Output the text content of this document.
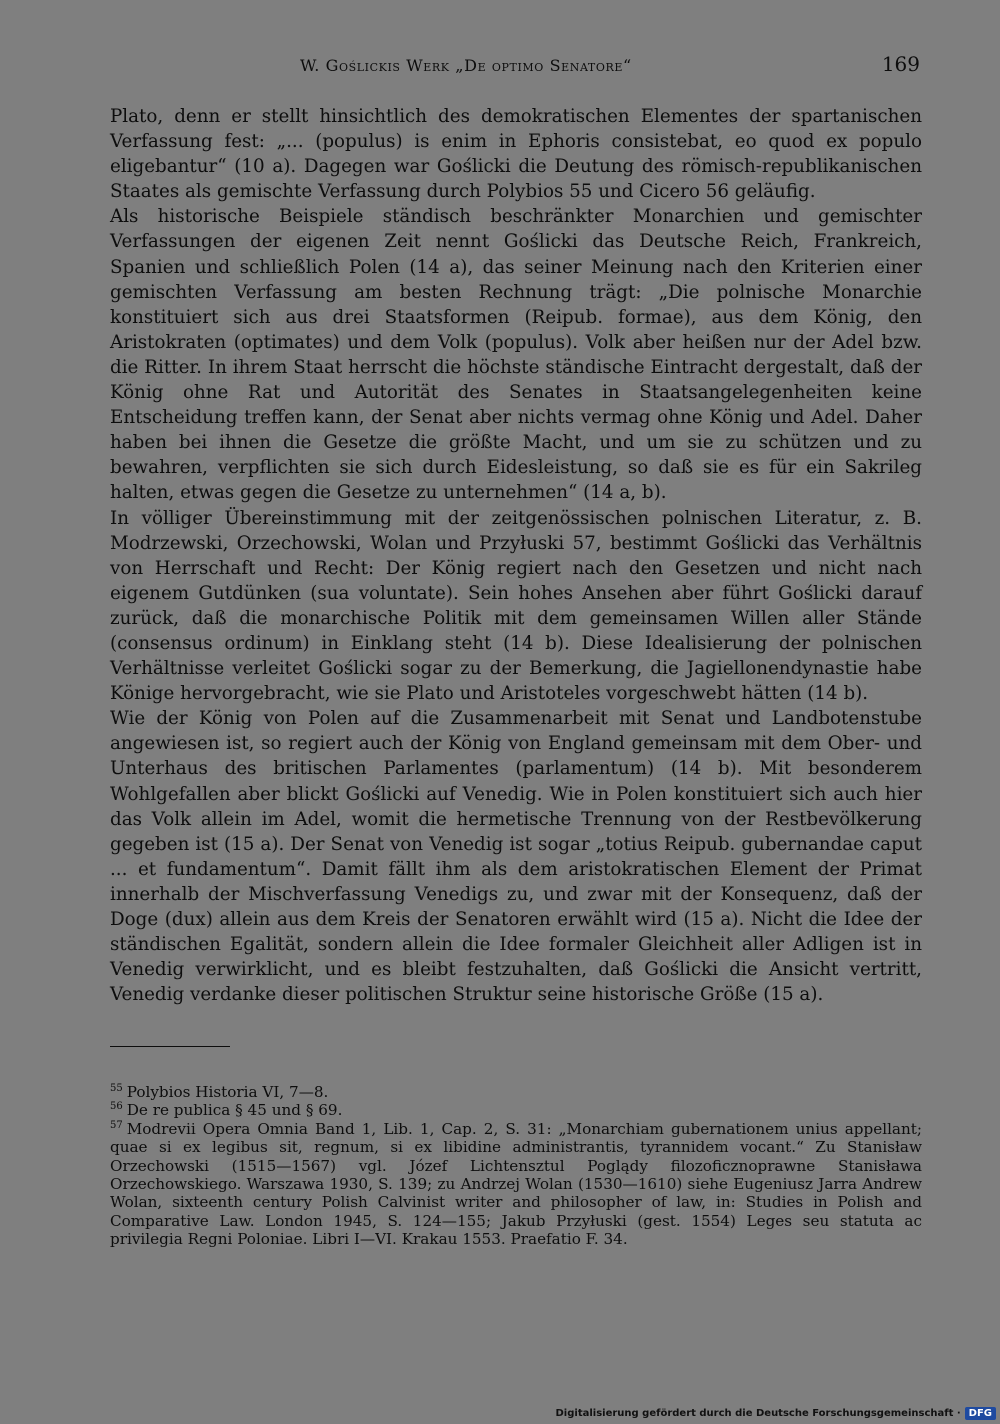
W. Goślickis Werk „De optimo Senatore“	169

Plato, denn er stellt hinsichtlich des demokratischen Elementes der spartanischen Verfassung fest: „... (populus) is enim in Ephoris consistebat, eo quod ex populo eligebantur“ (10 a). Dagegen war Goślicki die Deutung des römisch-republikanischen Staates als gemischte Verfassung durch Polybios 55 und Cicero 56 geläufig.

Als historische Beispiele ständisch beschränkter Monarchien und gemischter Verfassungen der eigenen Zeit nennt Goślicki das Deutsche Reich, Frankreich, Spanien und schließlich Polen (14 a), das seiner Meinung nach den Kriterien einer gemischten Verfassung am besten Rechnung trägt: „Die polnische Monarchie konstituiert sich aus drei Staatsformen (Reipub. formae), aus dem König, den Aristokraten (optimates) und dem Volk (populus). Volk aber heißen nur der Adel bzw. die Ritter. In ihrem Staat herrscht die höchste ständische Eintracht dergestalt, daß der König ohne Rat und Autorität des Senates in Staatsangelegenheiten keine Entscheidung treffen kann, der Senat aber nichts vermag ohne König und Adel. Daher haben bei ihnen die Gesetze die größte Macht, und um sie zu schützen und zu bewahren, verpflichten sie sich durch Eidesleistung, so daß sie es für ein Sakrileg halten, etwas gegen die Gesetze zu unternehmen“ (14 a, b).

In völliger Übereinstimmung mit der zeitgenössischen polnischen Literatur, z. B. Modrzewski, Orzechowski, Wolan und Przyłuski 57, bestimmt Goślicki das Verhältnis von Herrschaft und Recht: Der König regiert nach den Gesetzen und nicht nach eigenem Gutdünken (sua voluntate). Sein hohes Ansehen aber führt Goślicki darauf zurück, daß die monarchische Politik mit dem gemeinsamen Willen aller Stände (consensus ordinum) in Einklang steht (14 b). Diese Idealisierung der polnischen Verhältnisse verleitet Goślicki sogar zu der Bemerkung, die Jagiellonendynastie habe Könige hervorgebracht, wie sie Plato und Aristoteles vorgeschwebt hätten (14 b).

Wie der König von Polen auf die Zusammenarbeit mit Senat und Landbotenstube angewiesen ist, so regiert auch der König von England gemeinsam mit dem Ober- und Unterhaus des britischen Parlamentes (parlamentum) (14 b). Mit besonderem Wohlgefallen aber blickt Goślicki auf Venedig. Wie in Polen konstituiert sich auch hier das Volk allein im Adel, womit die hermetische Trennung von der Restbevölkerung gegeben ist (15 a). Der Senat von Venedig ist sogar „totius Reipub. gubernandae caput ... et fundamentum“. Damit fällt ihm als dem aristokratischen Element der Primat innerhalb der Mischverfassung Venedigs zu, und zwar mit der Konsequenz, daß der Doge (dux) allein aus dem Kreis der Senatoren erwählt wird (15 a). Nicht die Idee der ständischen Egalität, sondern allein die Idee formaler Gleichheit aller Adligen ist in Venedig verwirklicht, und es bleibt festzuhalten, daß Goślicki die Ansicht vertritt, Venedig verdanke dieser politischen Struktur seine historische Größe (15 a).

$^{55}$ Polybios Historia VI, 7—8.

$^{56}$ De re publica § 45 und § 69.

$^{57}$ Modrevii Opera Omnia Band 1, Lib. 1, Cap. 2, S. 31: „Monarchiam gubernationem unius appellant; quae si ex legibus sit, regnum, si ex libidine administrantis, tyrannidem vocant.“ Zu Stanisław Orzechowski (1515—1567) vgl. Józef Lichtensztul Poglądy filozoficznoprawne Stanisława Orzechowskiego. Warszawa 1930, S. 139; zu Andrzej Wolan (1530—1610) siehe Eugeniusz Jarra Andrew Wolan, sixteenth century Polish Calvinist writer and philosopher of law, in: Studies in Polish and Comparative Law. London 1945, S. 124—155; Jakub Przyłuski (gest. 1554) Leges seu statuta ac privilegia Regni Poloniae. Libri I—VI. Krakau 1553. Praefatio F. 34.

Digitalisierung gefördert durch die Deutsche Forschungsgemeinschaft · DFG
